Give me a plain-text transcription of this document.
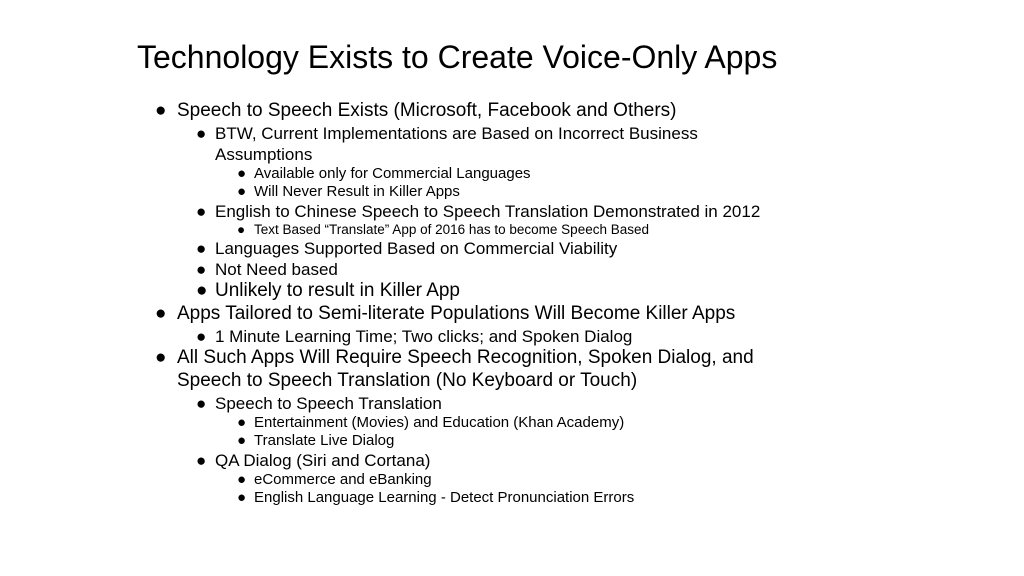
Technology Exists to Create Voice-Only Apps
● Speech to Speech Exists (Microsoft, Facebook and Others)
● BTW, Current Implementations are Based on Incorrect Business
Assumptions
● Available only for Commercial Languages
● Will Never Result in Killer Apps
● English to Chinese Speech to Speech Translation Demonstrated in 2012
● Text Based “Translate” App of 2016 has to become Speech Based
● Languages Supported Based on Commercial Viability
● Not Need based
● Unlikely to result in Killer App
● Apps Tailored to Semi-literate Populations Will Become Killer Apps
● 1 Minute Learning Time; Two clicks; and Spoken Dialog
● All Such Apps Will Require Speech Recognition, Spoken Dialog, and
Speech to Speech Translation (No Keyboard or Touch)
● Speech to Speech Translation
● Entertainment (Movies) and Education (Khan Academy)
● Translate Live Dialog
● QA Dialog (Siri and Cortana)
● eCommerce and eBanking
● English Language Learning - Detect Pronunciation Errors
